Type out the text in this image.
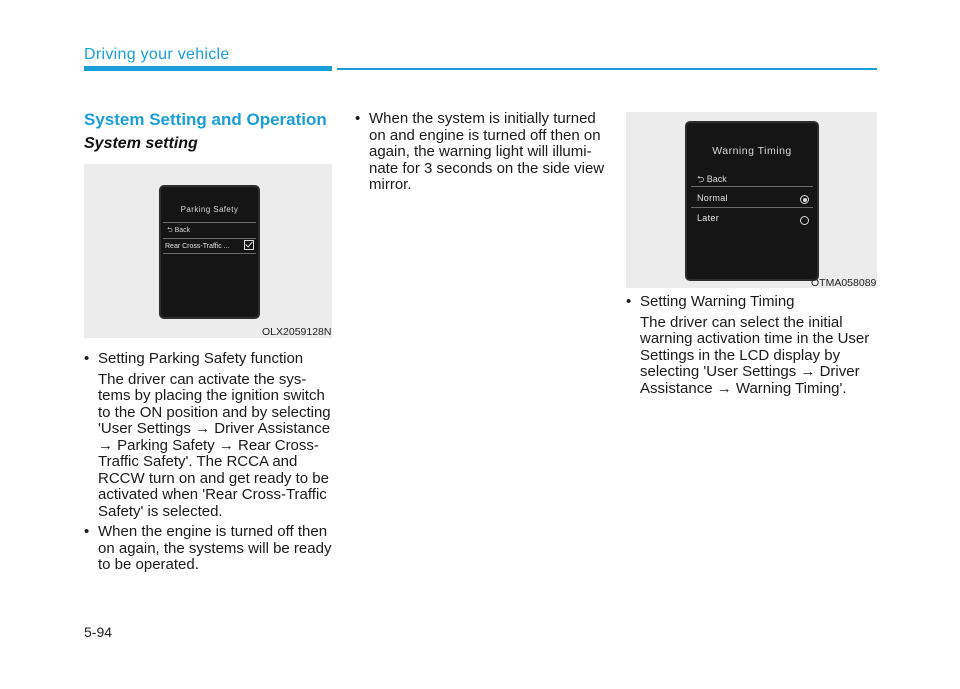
Driving your vehicle
System Setting and Operation
System setting
Parking Safety
⮌ Back
Rear Cross-Traffic ...
OLX2059128N
• Setting Parking Safety function
The driver can activate the sys-
tems by placing the ignition switch
to the ON position and by selecting
'User Settings → Driver Assistance
→ Parking Safety → Rear Cross-
Traffic Safety'. The RCCA and
RCCW turn on and get ready to be
activated when 'Rear Cross-Traffic
Safety' is selected.
• When the engine is turned off then
on again, the systems will be ready
to be operated.
• When the system is initially turned
on and engine is turned off then on
again, the warning light will illumi-
nate for 3 seconds on the side view
mirror.
Warning Timing
⮌ Back
Normal
Later
OTMA058089
• Setting Warning Timing
The driver can select the initial
warning activation time in the User
Settings in the LCD display by
selecting 'User Settings → Driver
Assistance → Warning Timing'.
5-94
